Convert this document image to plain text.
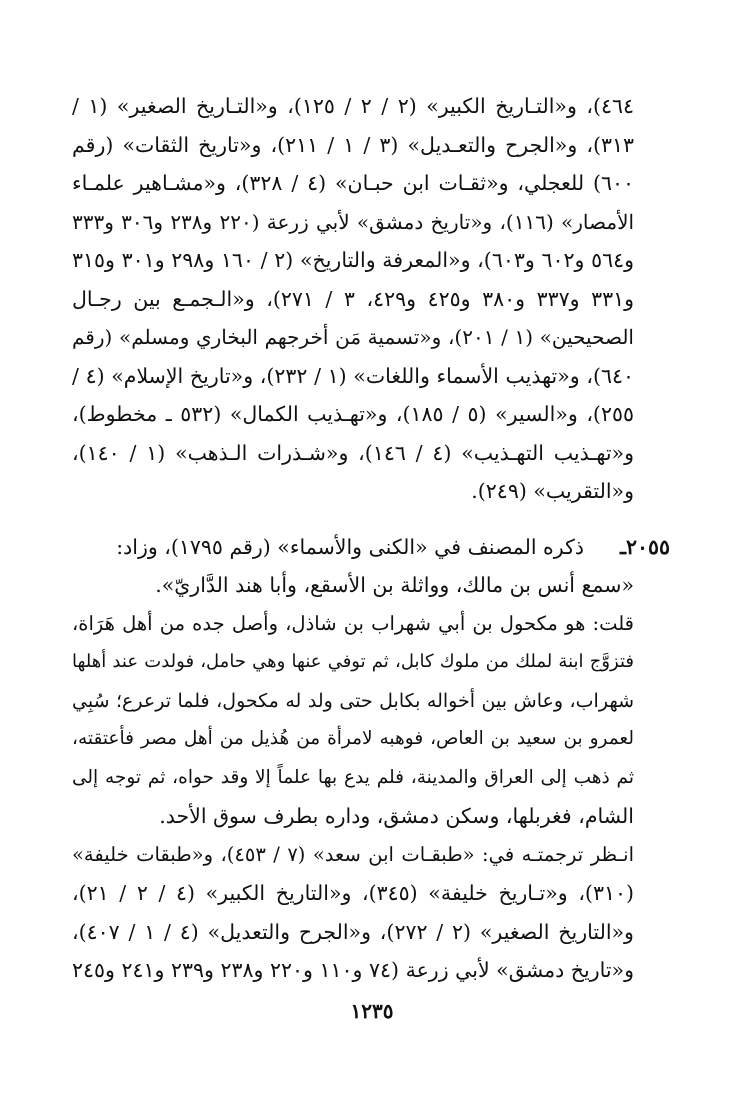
٤٦٤)، و«التـاريخ الكبير» (٢ / ٢ / ١٢٥)، و«التـاريخ الصغير» (١ /
٣١٣)، و«الجرح والتعـديل» (٣ / ١ / ٢١١)، و«تاريخ الثقات» (رقم
٦٠٠) للعجلي، و«ثقـات ابن حبـان» (٤ / ٣٢٨)، و«مشـاهير علمـاء
الأمصار» (١١٦)، و«تاريخ دمشق» لأبي زرعة (٢٢٠ و٢٣٨ و٣٠٦ و٣٣٣
و٥٦٤ و٦٠٢ و٦٠٣)، و«المعرفة والتاريخ» (٢ / ١٦٠ و٢٩٨ و٣٠١ و٣١٥
و٣٣١ و٣٣٧ و٣٨٠ و٤٢٥ و٤٢٩، ٣ / ٢٧١)، و«الـجمـع بين رجـال
الصحيحين» (١ / ٢٠١)، و«تسمية مَن أخرجهم البخاري ومسلم» (رقم
٦٤٠)، و«تهذيب الأسماء واللغات» (١ / ٢٣٢)، و«تاريخ الإسلام» (٤ /
٢٥٥)، و«السير» (٥ / ١٨٥)، و«تهـذيب الكمال» (٥٣٢ ـ مخطوط)،
و«تهـذيب التهـذيب» (٤ / ١٤٦)، و«شـذرات الـذهب» (١ / ١٤٠)،
و«التقريب» (٢٤٩).
٢٠٥٥ـ
ذكره المصنف في «الكنى والأسماء» (رقم ١٧٩٥)، وزاد:
«سمع أنس بن مالك، وواثلة بن الأسقع، وأبا هند الدَّاريّ».
قلت: هو مكحول بن أبي شهراب بن شاذل، وأصل جده من أهل هَرَاة،
فتزوَّج ابنة لملك من ملوك كابل، ثم توفي عنها وهي حامل، فولدت عند أهلها
شهراب، وعاش بين أخواله بكابل حتى ولد له مكحول، فلما ترعرع؛ سُبِي
لعمرو بن سعيد بن العاص، فوهبه لامرأة من هُذيل من أهل مصر فأعتقته،
ثم ذهب إلى العراق والمدينة، فلم يدع بها علماً إلا وقد حواه، ثم توجه إلى
الشام، فغربلها، وسكن دمشق، وداره بطرف سوق الأحد.
انـظر ترجمتـه في: «طبقـات ابن سعد» (٧ / ٤٥٣)، و«طبقات خليفة»
(٣١٠)، و«تـاريخ خليفة» (٣٤٥)، و«التاريخ الكبير» (٤ / ٢ / ٢١)،
و«التاريخ الصغير» (٢ / ٢٧٢)، و«الجرح والتعديل» (٤ / ١ / ٤٠٧)،
و«تاريخ دمشق» لأبي زرعة (٧٤ و١١٠ و٢٢٠ و٢٣٨ و٢٣٩ و٢٤١ و٢٤٥
١٢٣٥
